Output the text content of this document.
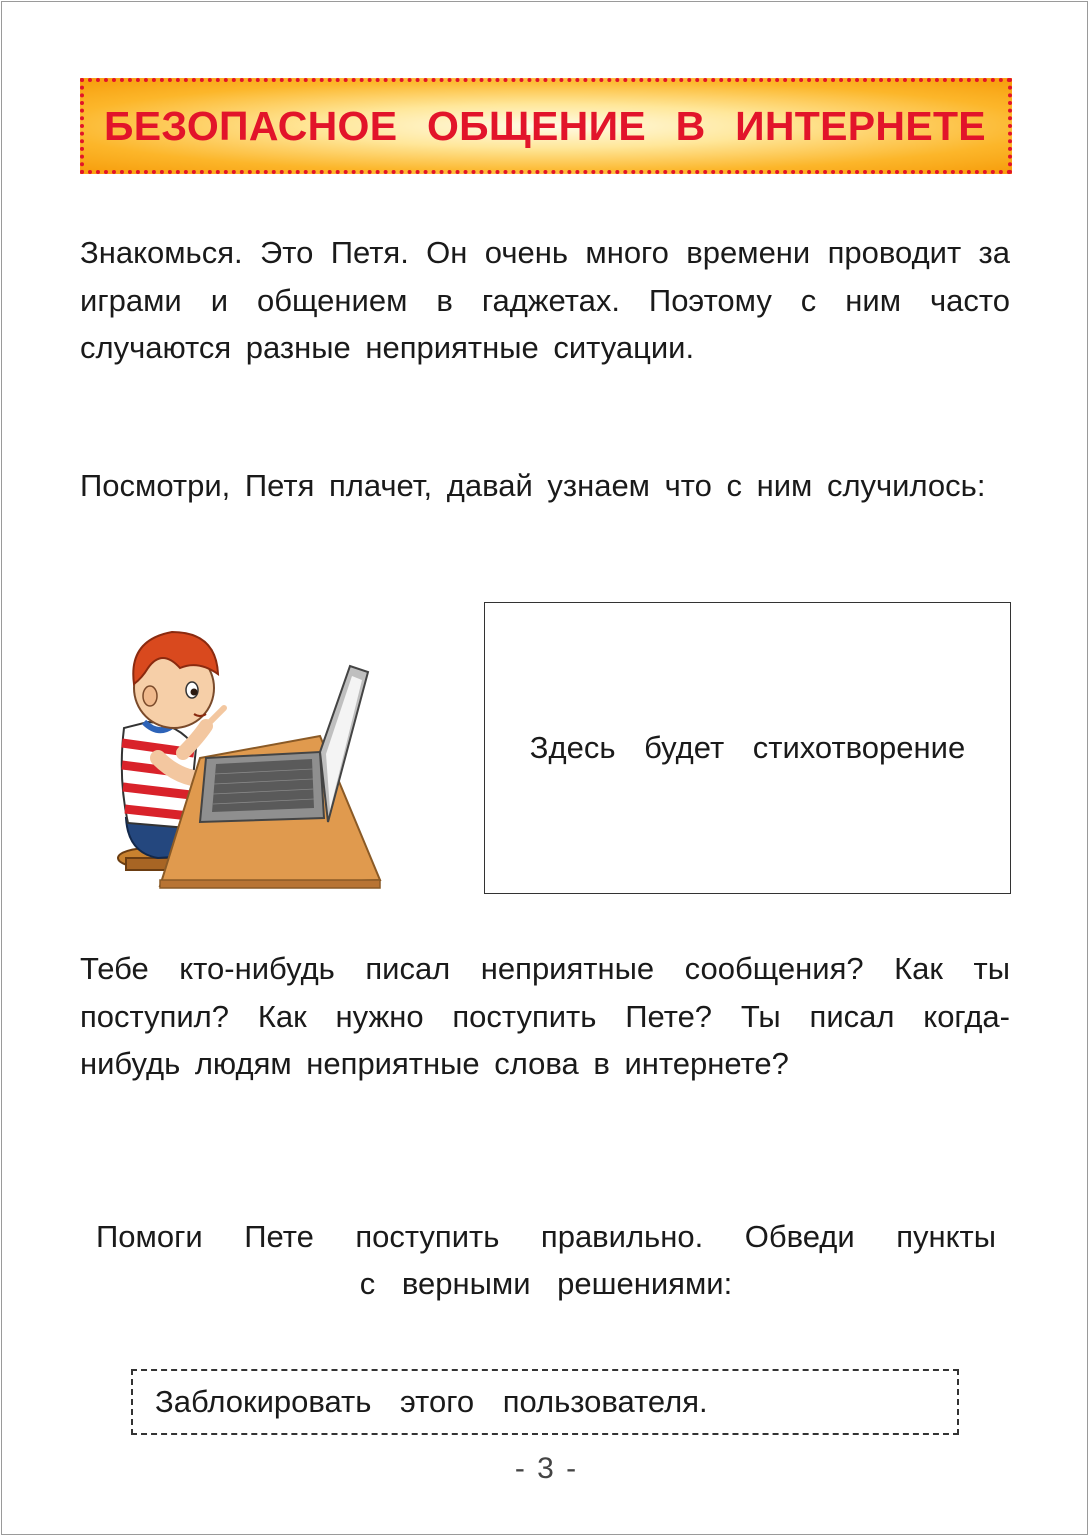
БЕЗОПАСНОЕ ОБЩЕНИЕ В ИНТЕРНЕТЕ

Знакомься. Это Петя. Он очень много времени проводит за играми и общением в гаджетах. Поэтому с ним часто случаются разные неприятные ситуации.

Посмотри, Петя плачет, давай узнаем что с ним случилось:

Здесь будет стихотворение

Тебе кто-нибудь писал неприятные сообщения? Как ты поступил? Как нужно поступить Пете? Ты писал когда-нибудь людям неприятные слова в интернете?

Помоги Пете поступить правильно. Обведи пункты
с верными решениями:

Заблокировать этого пользователя.
- 3 -
